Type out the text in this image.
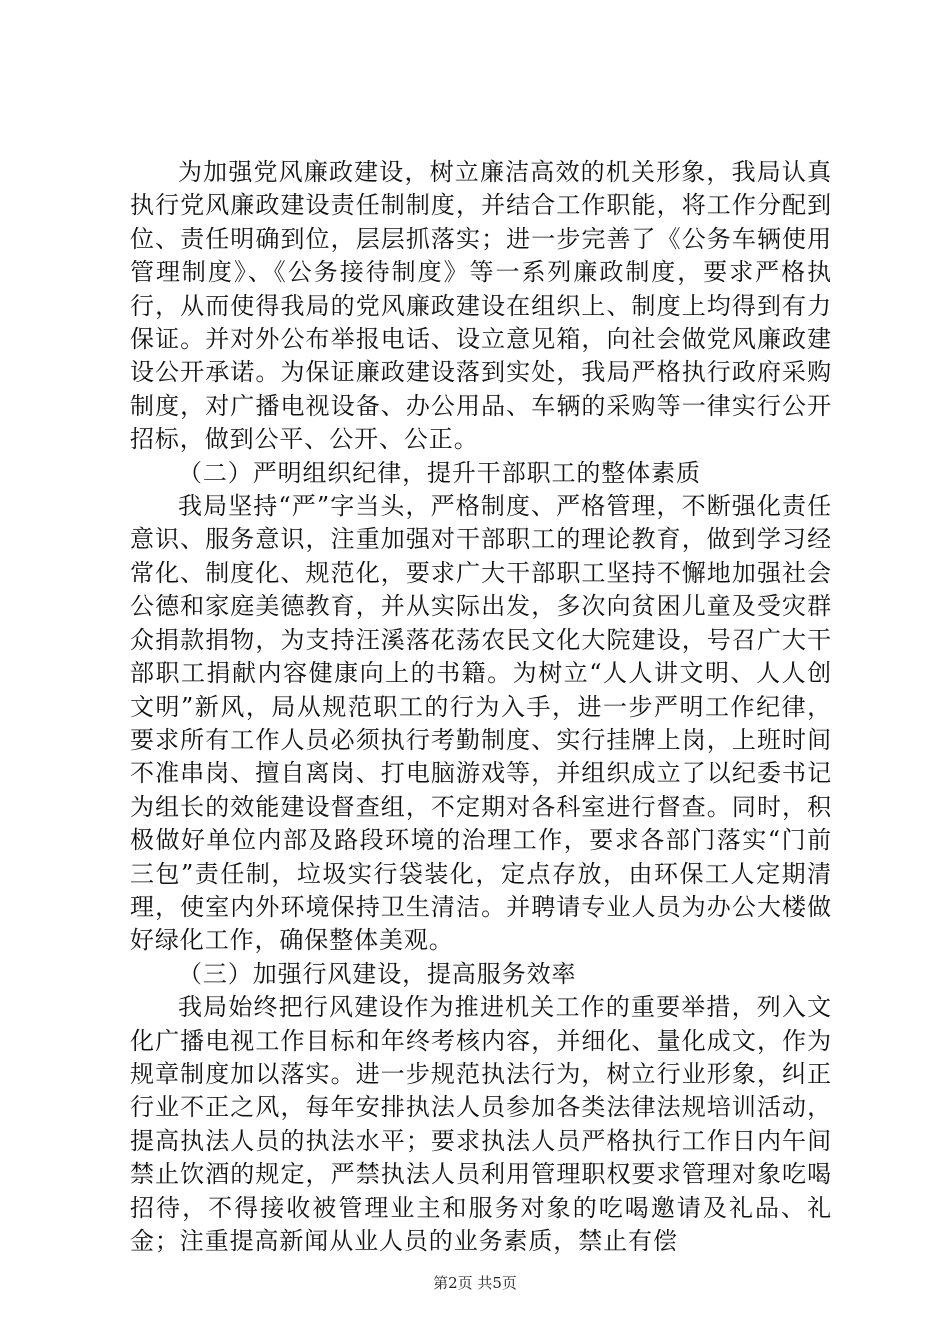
为加强党风廉政建设，树立廉洁高效的机关形象，我局认真执行党风廉政建设责任制制度，并结合工作职能，将工作分配到位、责任明确到位，层层抓落实；进一步完善了《公务车辆使用管理制度》、《公务接待制度》等一系列廉政制度，要求严格执行，从而使得我局的党风廉政建设在组织上、制度上均得到有力保证。并对外公布举报电话、设立意见箱，向社会做党风廉政建设公开承诺。为保证廉政建设落到实处，我局严格执行政府采购制度，对广播电视设备、办公用品、车辆的采购等一律实行公开招标，做到公平、公开、公正。

（二）严明组织纪律，提升干部职工的整体素质

我局坚持“严”字当头，严格制度、严格管理，不断强化责任意识、服务意识，注重加强对干部职工的理论教育，做到学习经常化、制度化、规范化，要求广大干部职工坚持不懈地加强社会公德和家庭美德教育，并从实际出发，多次向贫困儿童及受灾群众捐款捐物，为支持汪溪落花荡农民文化大院建设，号召广大干部职工捐献内容健康向上的书籍。为树立“人人讲文明、人人创文明”新风，局从规范职工的行为入手，进一步严明工作纪律，要求所有工作人员必须执行考勤制度、实行挂牌上岗，上班时间不准串岗、擅自离岗、打电脑游戏等，并组织成立了以纪委书记为组长的效能建设督查组，不定期对各科室进行督查。同时，积极做好单位内部及路段环境的治理工作，要求各部门落实“门前三包”责任制，垃圾实行袋装化，定点存放，由环保工人定期清理，使室内外环境保持卫生清洁。并聘请专业人员为办公大楼做好绿化工作，确保整体美观。

（三）加强行风建设，提高服务效率

我局始终把行风建设作为推进机关工作的重要举措，列入文化广播电视工作目标和年终考核内容，并细化、量化成文，作为规章制度加以落实。进一步规范执法行为，树立行业形象，纠正行业不正之风，每年安排执法人员参加各类法律法规培训活动，提高执法人员的执法水平；要求执法人员严格执行工作日内午间禁止饮酒的规定，严禁执法人员利用管理职权要求管理对象吃喝招待，不得接收被管理业主和服务对象的吃喝邀请及礼品、礼金；注重提高新闻从业人员的业务素质，禁止有偿

第2页 共5页
